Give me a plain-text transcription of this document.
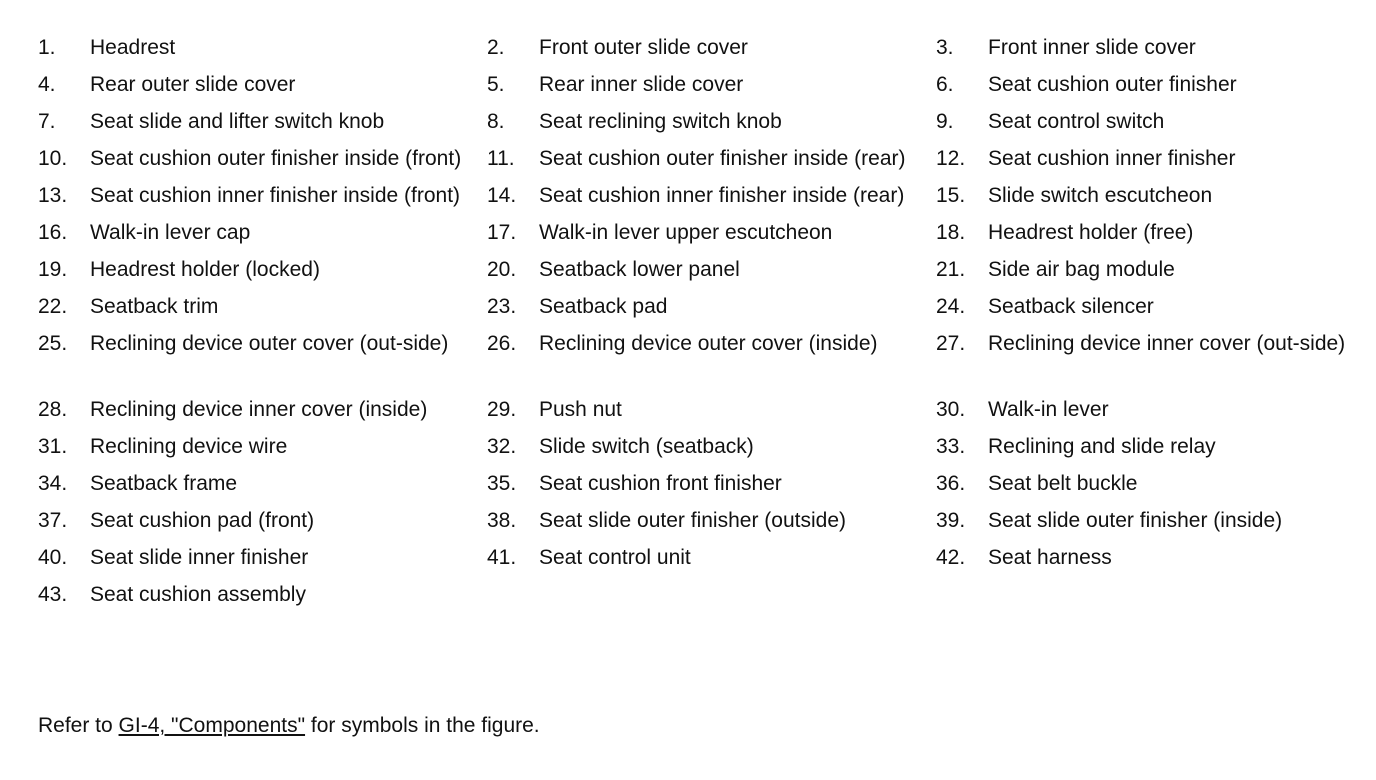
1.	Headrest	2.	Front outer slide cover	3.	Front inner slide cover
4.	Rear outer slide cover	5.	Rear inner slide cover	6.	Seat cushion outer finisher
7.	Seat slide and lifter switch knob	8.	Seat reclining switch knob	9.	Seat control switch
10.	Seat cushion outer finisher inside (front)	11.	Seat cushion outer finisher inside (rear)	12.	Seat cushion inner finisher
13.	Seat cushion inner finisher inside (front)	14.	Seat cushion inner finisher inside (rear)	15.	Slide switch escutcheon
16.	Walk-in lever cap	17.	Walk-in lever upper escutcheon	18.	Headrest holder (free)
19.	Headrest holder (locked)	20.	Seatback lower panel	21.	Side air bag module
22.	Seatback trim	23.	Seatback pad	24.	Seatback silencer
25.	Reclining device outer cover (out-side)	26.	Reclining device outer cover (inside)	27.	Reclining device inner cover (out-side)
28.	Reclining device inner cover (inside)	29.	Push nut	30.	Walk-in lever
31.	Reclining device wire	32.	Slide switch (seatback)	33.	Reclining and slide relay
34.	Seatback frame	35.	Seat cushion front finisher	36.	Seat belt buckle
37.	Seat cushion pad (front)	38.	Seat slide outer finisher (outside)	39.	Seat slide outer finisher (inside)
40.	Seat slide inner finisher	41.	Seat control unit	42.	Seat harness
43.	Seat cushion assembly
Refer to GI-4, "Components" for symbols in the figure.
